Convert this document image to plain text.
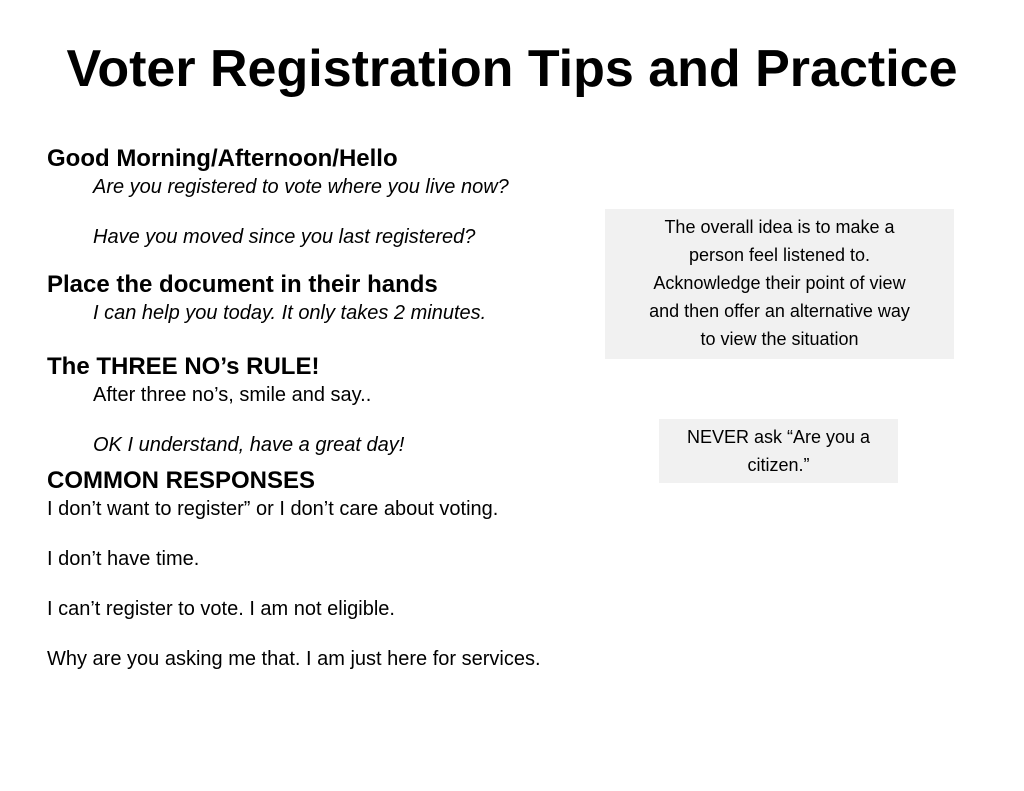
Voter Registration Tips and Practice
Good Morning/Afternoon/Hello
Are you registered to vote where you live now?
Have you moved since you last registered?
Place the document in their hands
I can help you today. It only takes 2 minutes.
The THREE NO’s RULE!
After three no’s, smile and say..
OK I understand, have a great day!
COMMON RESPONSES
I don’t want to register” or I don’t care about voting.
I don’t have time.
I can’t register to vote. I am not eligible.
Why are you asking me that. I am just here for services.
The overall idea is to make a
person feel listened to.
Acknowledge their point of view
and then offer an alternative way
to view the situation
NEVER ask “Are you a
citizen.”
